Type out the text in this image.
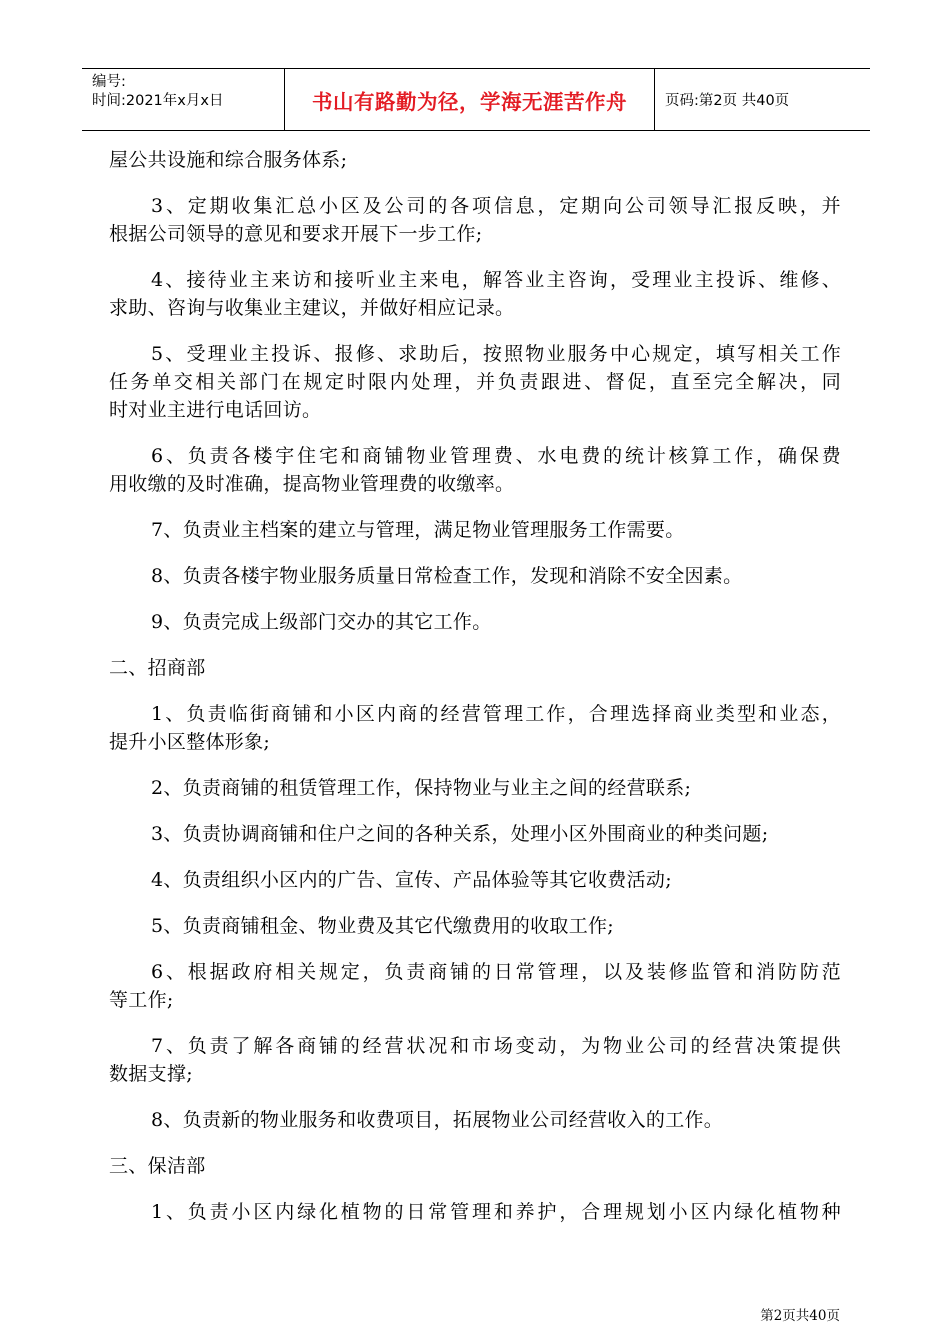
编号:
时间:2021年x月x日	书山有路勤为径，学海无涯苦作舟	页码:第2页 共40页
屋公共设施和综合服务体系;
3、定期收集汇总小区及公司的各项信息，定期向公司领导汇报反映，并
根据公司领导的意见和要求开展下一步工作;
4、接待业主来访和接听业主来电，解答业主咨询，受理业主投诉、维修、
求助、咨询与收集业主建议，并做好相应记录。
5、受理业主投诉、报修、求助后，按照物业服务中心规定，填写相关工作
任务单交相关部门在规定时限内处理，并负责跟进、督促，直至完全解决，同
时对业主进行电话回访。
6、负责各楼宇住宅和商铺物业管理费、水电费的统计核算工作，确保费
用收缴的及时准确，提高物业管理费的收缴率。
7、负责业主档案的建立与管理，满足物业管理服务工作需要。
8、负责各楼宇物业服务质量日常检查工作，发现和消除不安全因素。
9、负责完成上级部门交办的其它工作。
二、招商部
1、负责临街商铺和小区内商的经营管理工作，合理选择商业类型和业态，
提升小区整体形象;
2、负责商铺的租赁管理工作，保持物业与业主之间的经营联系;
3、负责协调商铺和住户之间的各种关系，处理小区外围商业的种类问题;
4、负责组织小区内的广告、宣传、产品体验等其它收费活动;
5、负责商铺租金、物业费及其它代缴费用的收取工作;
6、根据政府相关规定，负责商铺的日常管理，以及装修监管和消防防范
等工作;
7、负责了解各商铺的经营状况和市场变动，为物业公司的经营决策提供
数据支撑;
8、负责新的物业服务和收费项目，拓展物业公司经营收入的工作。
三、保洁部
1、负责小区内绿化植物的日常管理和养护，合理规划小区内绿化植物种
第2页共40页
